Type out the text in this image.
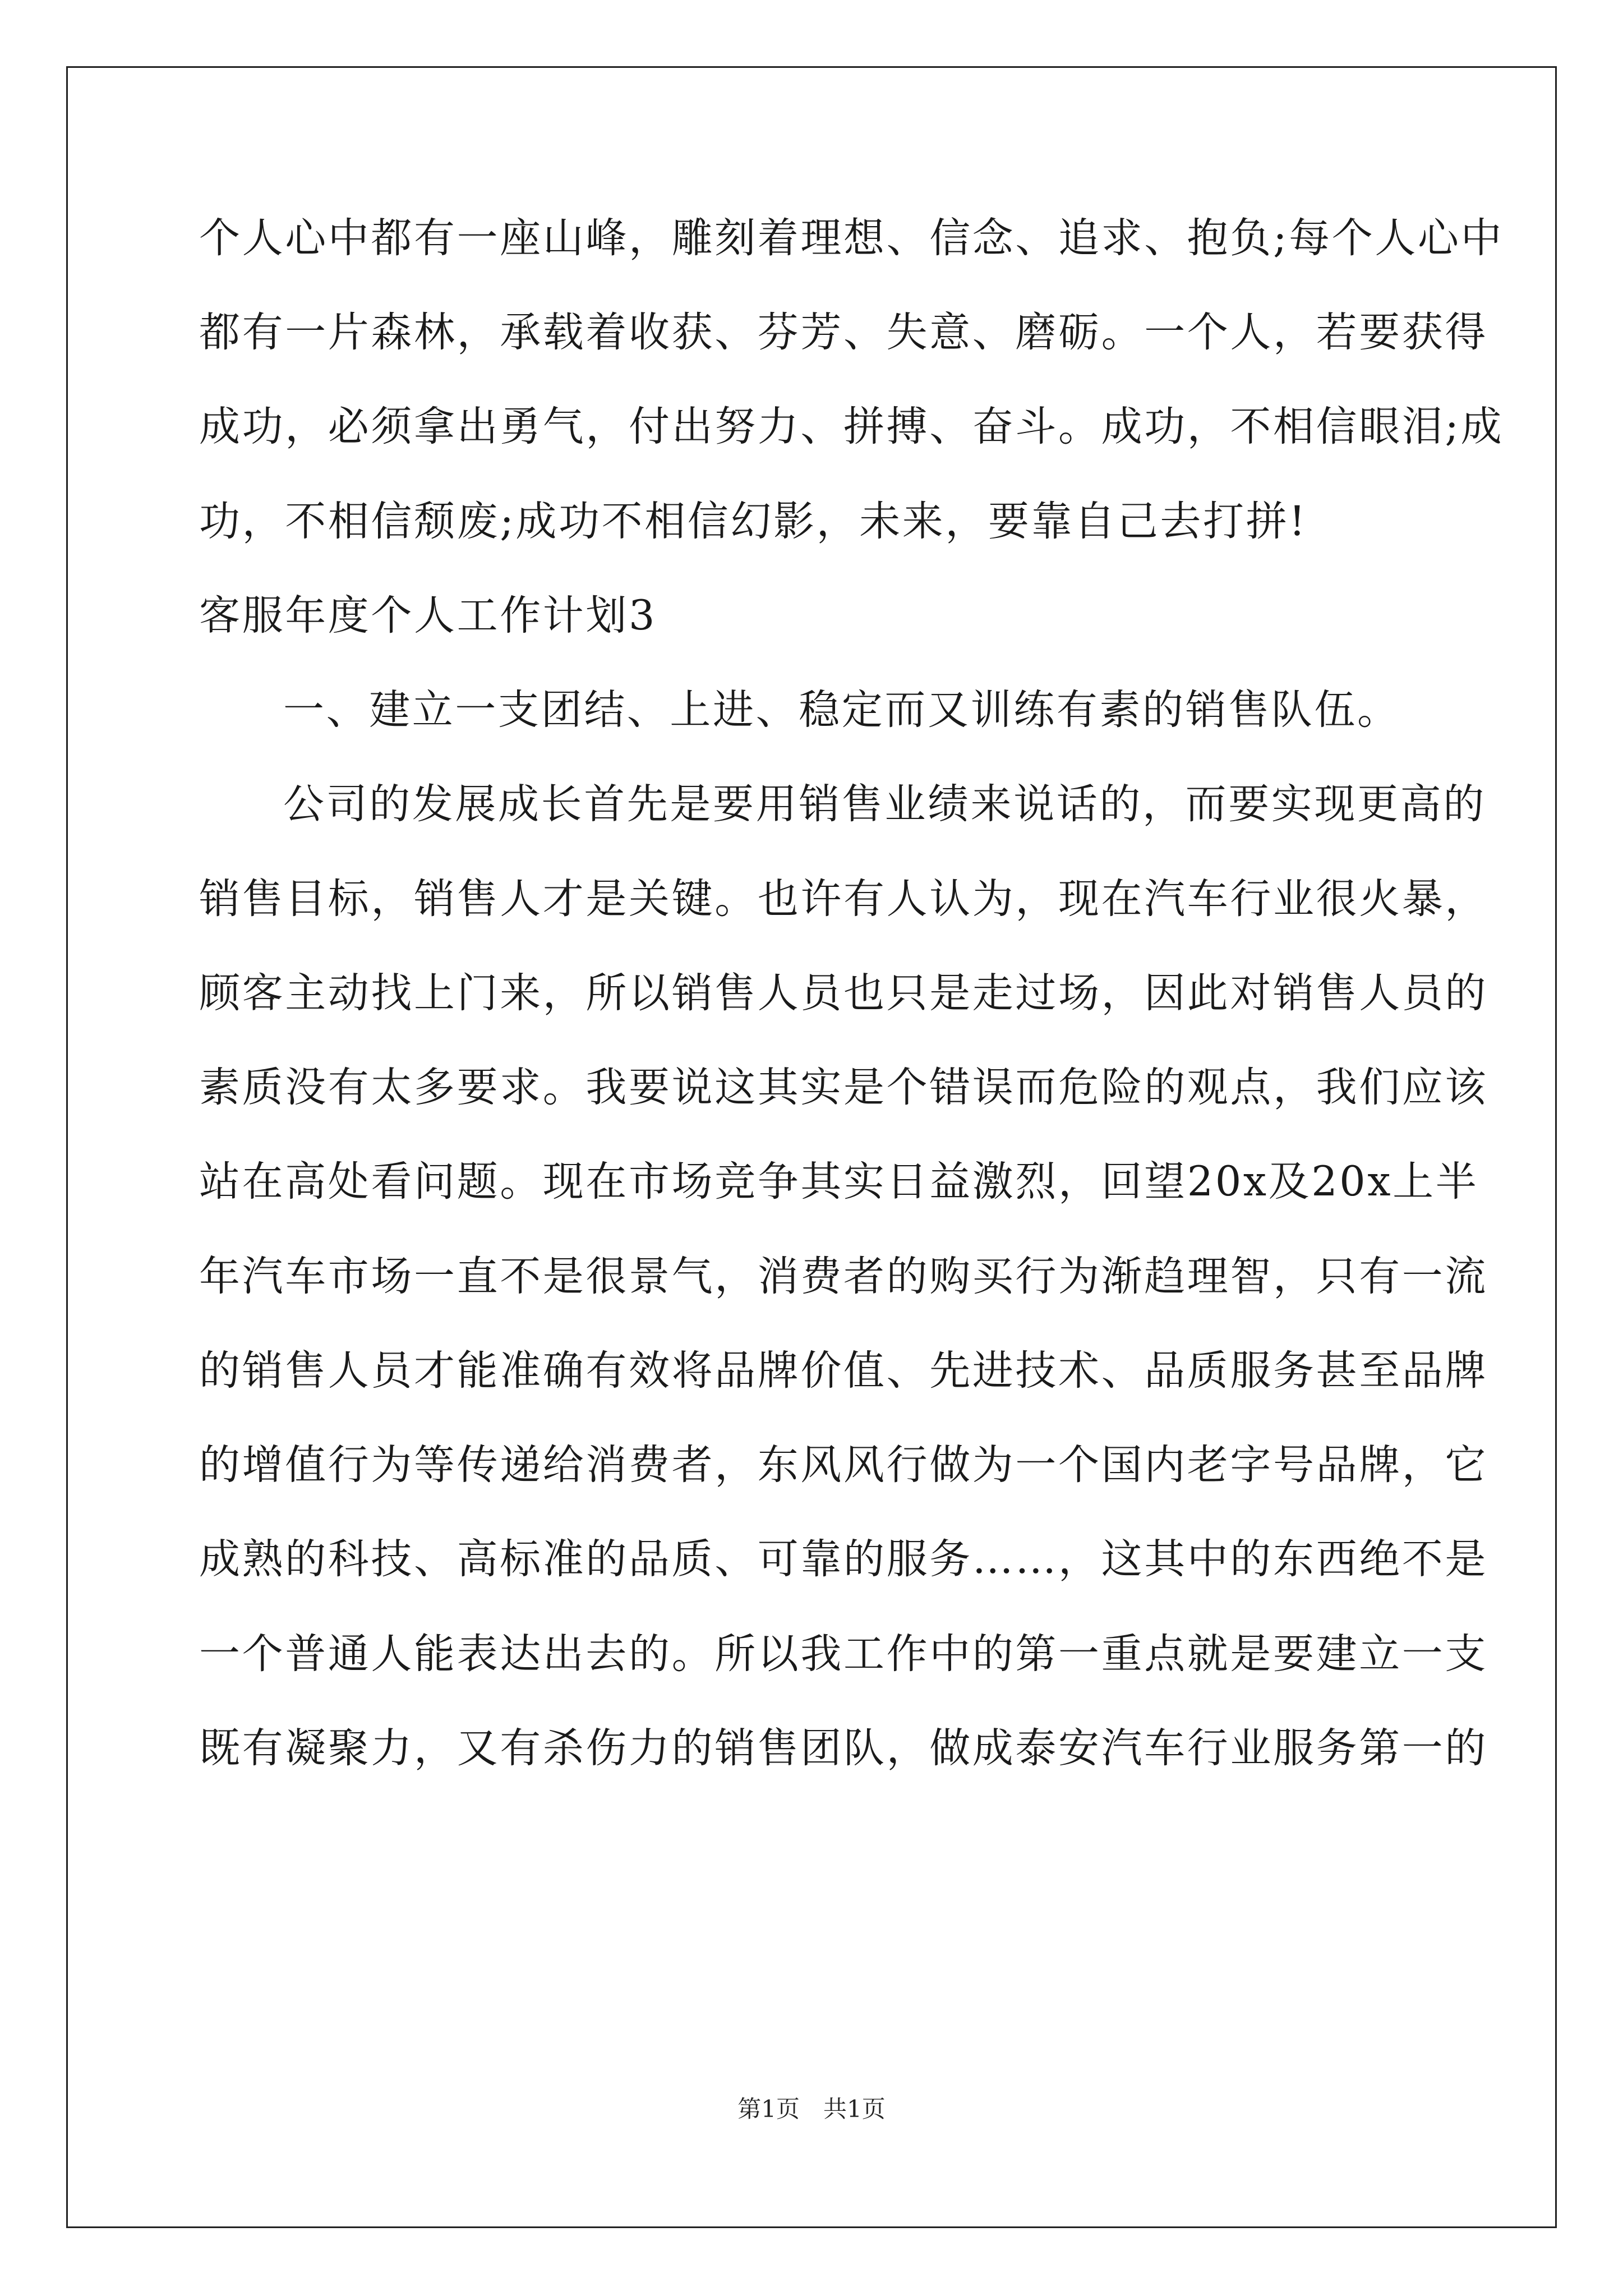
个人心中都有一座山峰，雕刻着理想、信念、追求、抱负;每个人心中
都有一片森林，承载着收获、芬芳、失意、磨砺。一个人，若要获得
成功，必须拿出勇气，付出努力、拼搏、奋斗。成功，不相信眼泪;成
功，不相信颓废;成功不相信幻影，未来，要靠自己去打拼!
客服年度个人工作计划3
一、建立一支团结、上进、稳定而又训练有素的销售队伍。
公司的发展成长首先是要用销售业绩来说话的，而要实现更高的
销售目标，销售人才是关键。也许有人认为，现在汽车行业很火暴，
顾客主动找上门来，所以销售人员也只是走过场，因此对销售人员的
素质没有太多要求。我要说这其实是个错误而危险的观点，我们应该
站在高处看问题。现在市场竞争其实日益激烈，回望20x及20x上半
年汽车市场一直不是很景气，消费者的购买行为渐趋理智，只有一流
的销售人员才能准确有效将品牌价值、先进技术、品质服务甚至品牌
的增值行为等传递给消费者，东风风行做为一个国内老字号品牌，它
成熟的科技、高标准的品质、可靠的服务……，这其中的东西绝不是
一个普通人能表达出去的。所以我工作中的第一重点就是要建立一支
既有凝聚力，又有杀伤力的销售团队，做成泰安汽车行业服务第一的
第1页　共1页
